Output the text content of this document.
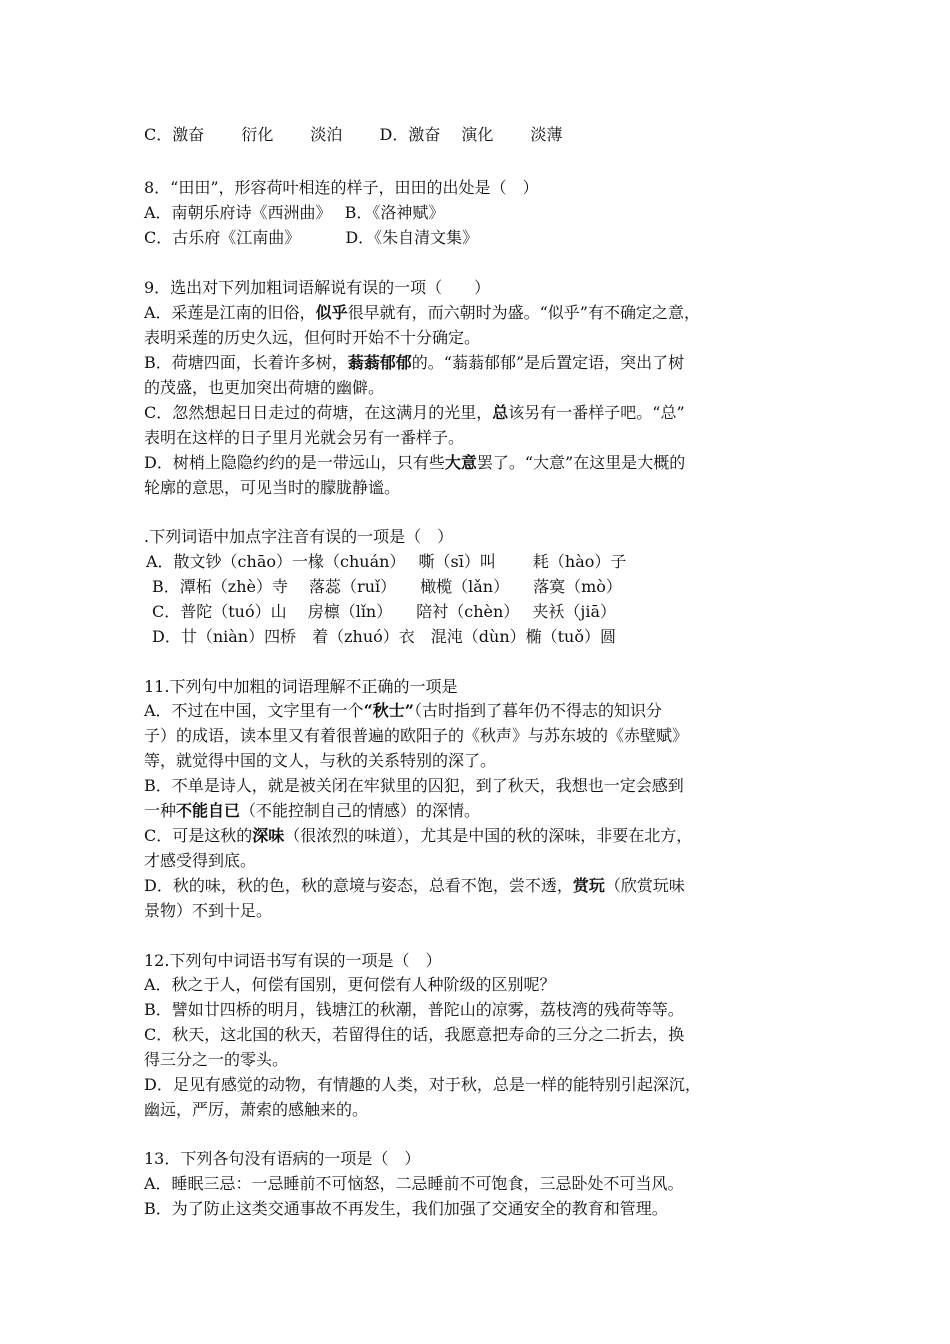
C．激奋　　 衍化　　 淡泊　　 D．激奋　 演化　　 淡薄
8．“田田”，形容荷叶相连的样子，田田的出处是（　）
A．南朝乐府诗《西洲曲》　 B．《洛神赋》
C．古乐府《江南曲》　　　 D．《朱自清文集》
9．选出对下列加粗词语解说有误的一项（　　）
A．采莲是江南的旧俗，似乎很早就有，而六朝时为盛。“似乎”有不确定之意，
表明采莲的历史久远，但何时开始不十分确定。
B．荷塘四面，长着许多树，蓊蓊郁郁的。“蓊蓊郁郁”是后置定语，突出了树
的茂盛，也更加突出荷塘的幽僻。
C．忽然想起日日走过的荷塘，在这满月的光里，总该另有一番样子吧。“总”
表明在这样的日子里月光就会另有一番样子。
D．树梢上隐隐约约的是一带远山，只有些大意罢了。“大意”在这里是大概的
轮廓的意思，可见当时的朦胧静谧。
.下列词语中加点字注音有误的一项是（　）
A．散文钞（chāo）一椽（chuán）　 嘶（sī）叫　　 耗（hào）子
B．潭柘（zhè）寺　 落蕊（ruǐ）　　橄榄（lǎn）　　落寞（mò）
C．普陀（tuó）山　 房檩（lǐn）　　陪衬（chèn）　 夹袄（jiā）
D．廿（niàn）四桥　着（zhuó）衣　混沌（dùn）椭（tuǒ）圆
11.下列句中加粗的词语理解不正确的一项是
A．不过在中国，文字里有一个“秋士”（古时指到了暮年仍不得志的知识分
子）的成语，读本里又有着很普遍的欧阳子的《秋声》与苏东坡的《赤壁赋》
等，就觉得中国的文人，与秋的关系特别的深了。
B．不单是诗人，就是被关闭在牢狱里的囚犯，到了秋天，我想也一定会感到
一种不能自已（不能控制自己的情感）的深情。
C．可是这秋的深味（很浓烈的味道），尤其是中国的秋的深味，非要在北方，
才感受得到底。
D．秋的味，秋的色，秋的意境与姿态，总看不饱，尝不透，赏玩（欣赏玩味
景物）不到十足。
12.下列句中词语书写有误的一项是（　）
A．秋之于人，何偿有国别，更何偿有人种阶级的区别呢？
B．譬如廿四桥的明月，钱塘江的秋潮，普陀山的凉雾，荔枝湾的残荷等等。
C．秋天，这北国的秋天，若留得住的话，我愿意把寿命的三分之二折去，换
得三分之一的零头。
D．足见有感觉的动物，有情趣的人类，对于秋，总是一样的能特别引起深沉，
幽远，严厉，萧索的感触来的。
13．下列各句没有语病的一项是（　）
A．睡眠三忌：一忌睡前不可恼怒，二忌睡前不可饱食，三忌卧处不可当风。
B．为了防止这类交通事故不再发生，我们加强了交通安全的教育和管理。
